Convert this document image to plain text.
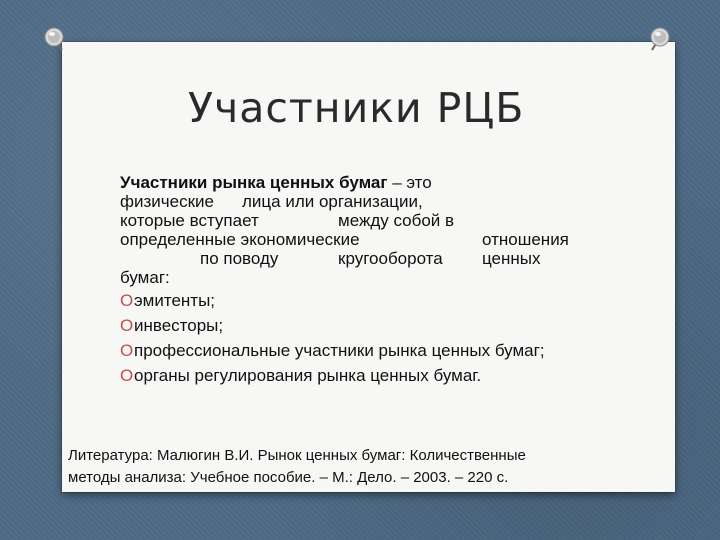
Участники РЦБ
Участники рынка ценных бумаг – это
физические лица или организации,
которые вступает	между собой в
определенные экономические	отношения
по поводу	кругооборота ценных
бумаг:
O эмитенты;
O инвесторы;
O профессиональные участники рынка ценных бумаг;
O органы регулирования рынка ценных бумаг.
Литература: Малюгин В.И. Рынок ценных бумаг: Количественные
методы анализа: Учебное пособие. – М.: Дело. – 2003. – 220 с.
